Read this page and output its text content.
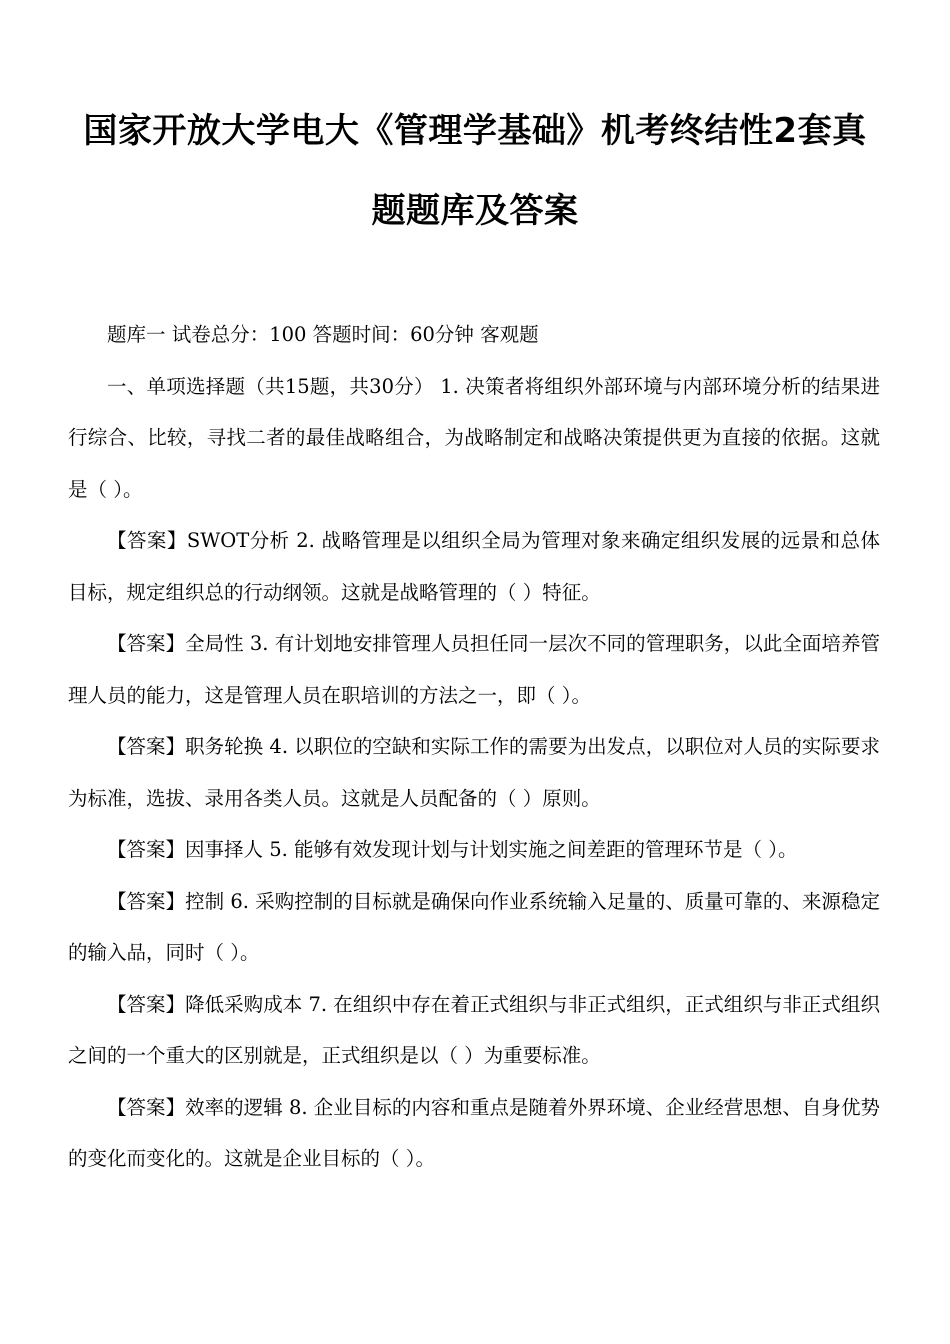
国家开放大学电大《管理学基础》机考终结性2套真
题题库及答案

题库一 试卷总分：100 答题时间：60分钟 客观题

一、单项选择题（共15题，共30分） 1. 决策者将组织外部环境与内部环境分析的结果进行综合、比较，寻找二者的最佳战略组合，为战略制定和战略决策提供更为直接的依据。这就是（ ）。

【答案】SWOT分析 2. 战略管理是以组织全局为管理对象来确定组织发展的远景和总体目标，规定组织总的行动纲领。这就是战略管理的（ ）特征。

【答案】全局性 3. 有计划地安排管理人员担任同一层次不同的管理职务，以此全面培养管理人员的能力，这是管理人员在职培训的方法之一，即（ ）。

【答案】职务轮换 4. 以职位的空缺和实际工作的需要为出发点，以职位对人员的实际要求为标准，选拔、录用各类人员。这就是人员配备的（ ）原则。

【答案】因事择人 5. 能够有效发现计划与计划实施之间差距的管理环节是（ ）。

【答案】控制 6. 采购控制的目标就是确保向作业系统输入足量的、质量可靠的、来源稳定的输入品，同时（ ）。

【答案】降低采购成本 7. 在组织中存在着正式组织与非正式组织，正式组织与非正式组织之间的一个重大的区别就是，正式组织是以（ ）为重要标准。

【答案】效率的逻辑 8. 企业目标的内容和重点是随着外界环境、企业经营思想、自身优势的变化而变化的。这就是企业目标的（ ）。
